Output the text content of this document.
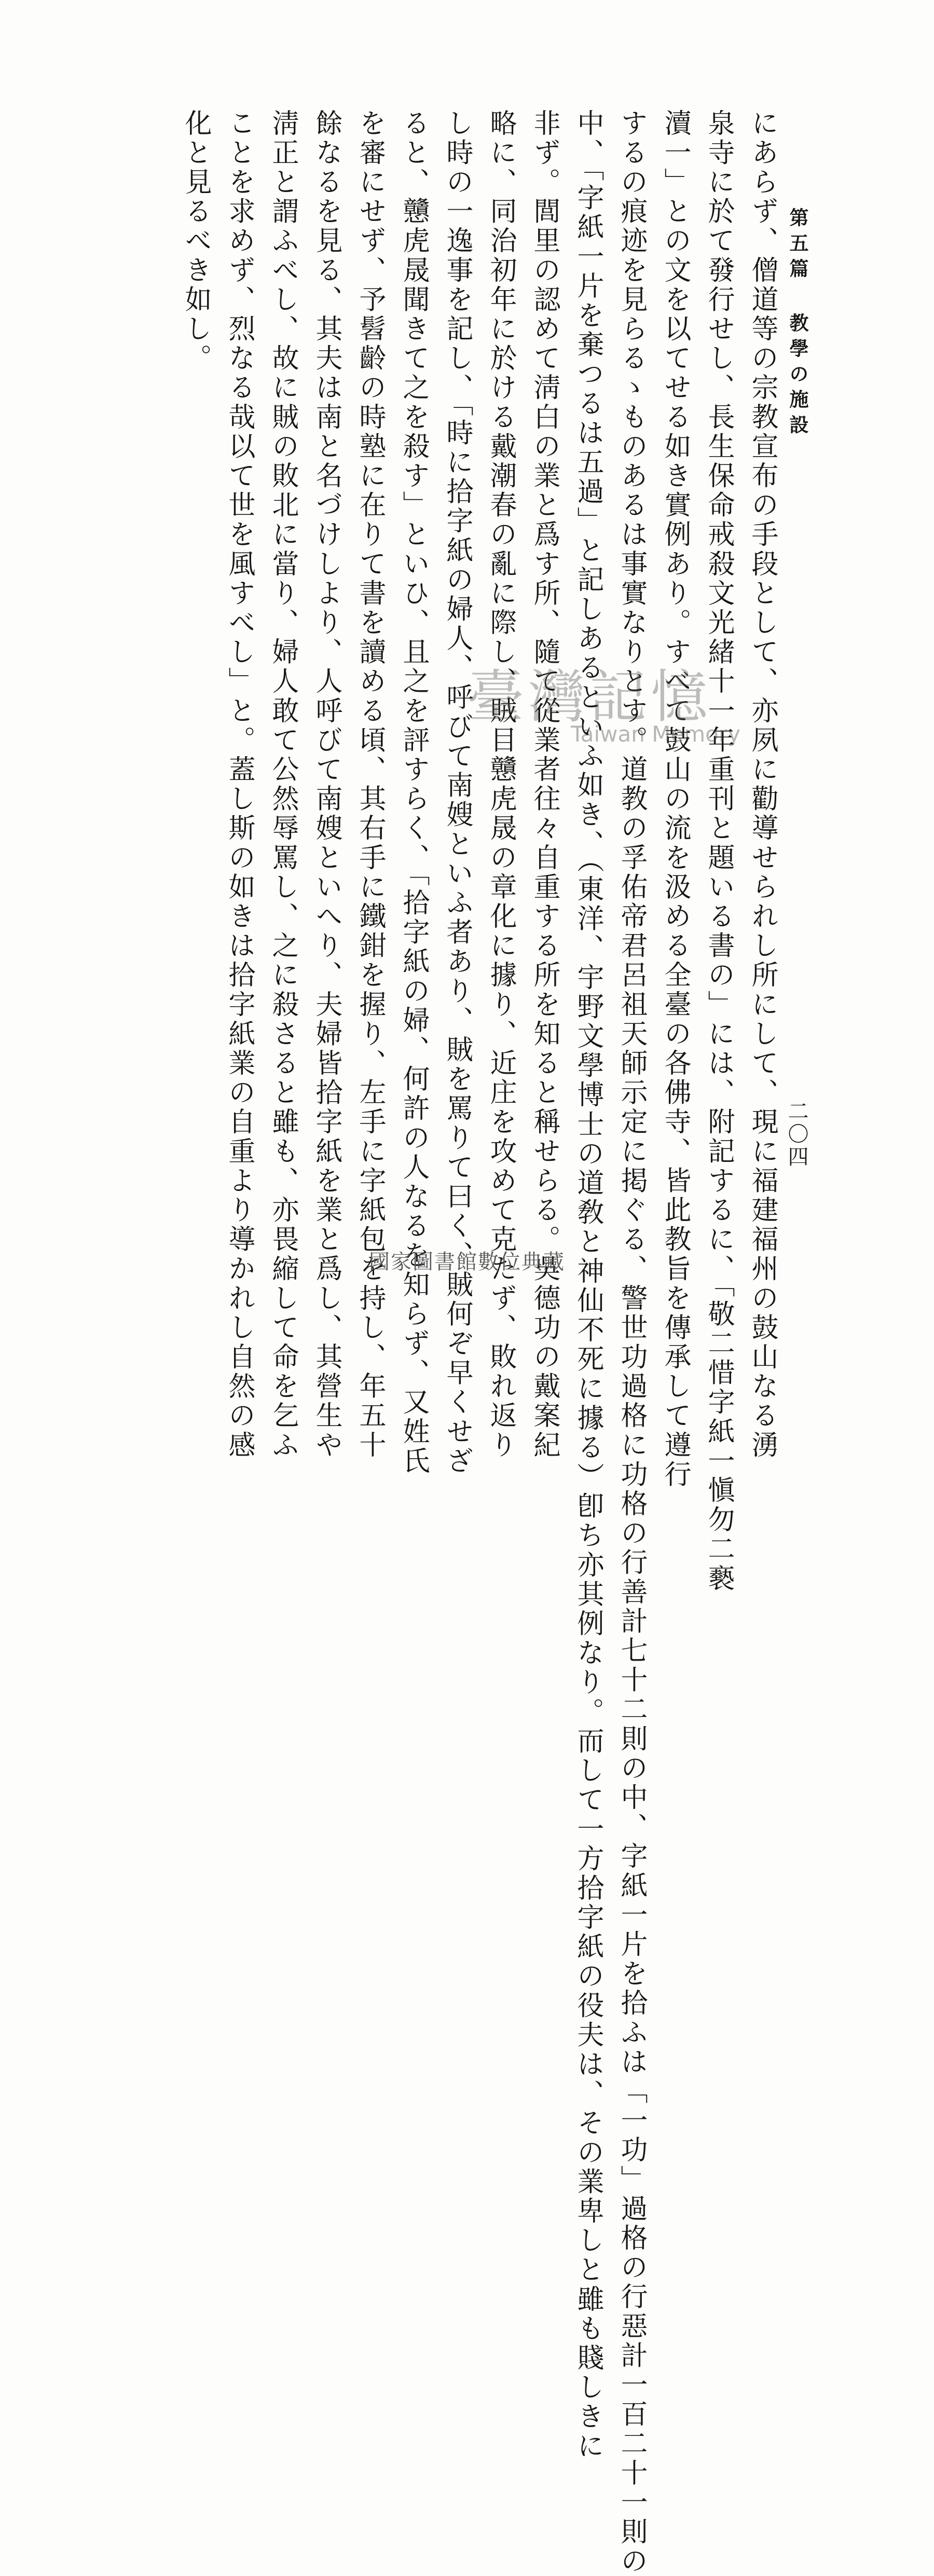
第五篇 教學の施設
二〇四
にあらず、僧道等の宗教宣布の手段として、亦夙に勸導せられし所にして、現に福建福州の鼓山なる湧
泉寺に於て發行せし、長生保命戒殺文光緒十一年重刊と題いる書の」には、附記するに、「敬二惜字紙一愼勿二褻
瀆一」との文を以てせる如き實例あり。すべて鼓山の流を汲める全臺の各佛寺、皆此教旨を傳承して遵行
するの痕迹を見らるゝものあるは事實なりとす。道教の孚佑帝君呂祖天師示定に掲ぐる、警世功過格に功格の行善計七十二則の中、字紙一片を拾ふは「一功」過格の行惡計一百二十一則の
中、「字紙一片を棄つるは五過」と記しあるといふ如き、（東洋、宇野文學博士の道敎と神仙不死に據る）卽ち亦其例なり。而して一方拾字紙の役夫は、その業卑しと雖も賤しきに
非ず。閭里の認めて淸白の業と爲す所、隨て從業者往々自重する所を知ると稱せらる。吳德功の戴案紀
略に、同治初年に於ける戴潮春の亂に際し、賊目戇虎晟の章化に據り、近庄を攻めて克たず、敗れ返り
し時の一逸事を記し、「時に拾字紙の婦人、呼びて南嫂といふ者あり、賊を罵りて曰く、賊何ぞ早くせざ
ると、戇虎晟聞きて之を殺す」といひ、且之を評すらく、「拾字紙の婦、何許の人なるを知らず、又姓氏
を審にせず、予髫齡の時塾に在りて書を讀める頃、其右手に鐵鉗を握り、左手に字紙包を持し、年五十
餘なるを見る、其夫は南と名づけしより、人呼びて南嫂といへり、夫婦皆拾字紙を業と爲し、其營生や
淸正と謂ふべし、故に賊の敗北に當り、婦人敢て公然辱罵し、之に殺さると雖も、亦畏縮して命を乞ふ
ことを求めず、烈なる哉以て世を風すべし」と。蓋し斯の如きは拾字紙業の自重より導かれし自然の感
化と見るべき如し。
臺灣記憶
Taiwan Memory
國家圖書館數位典藏
